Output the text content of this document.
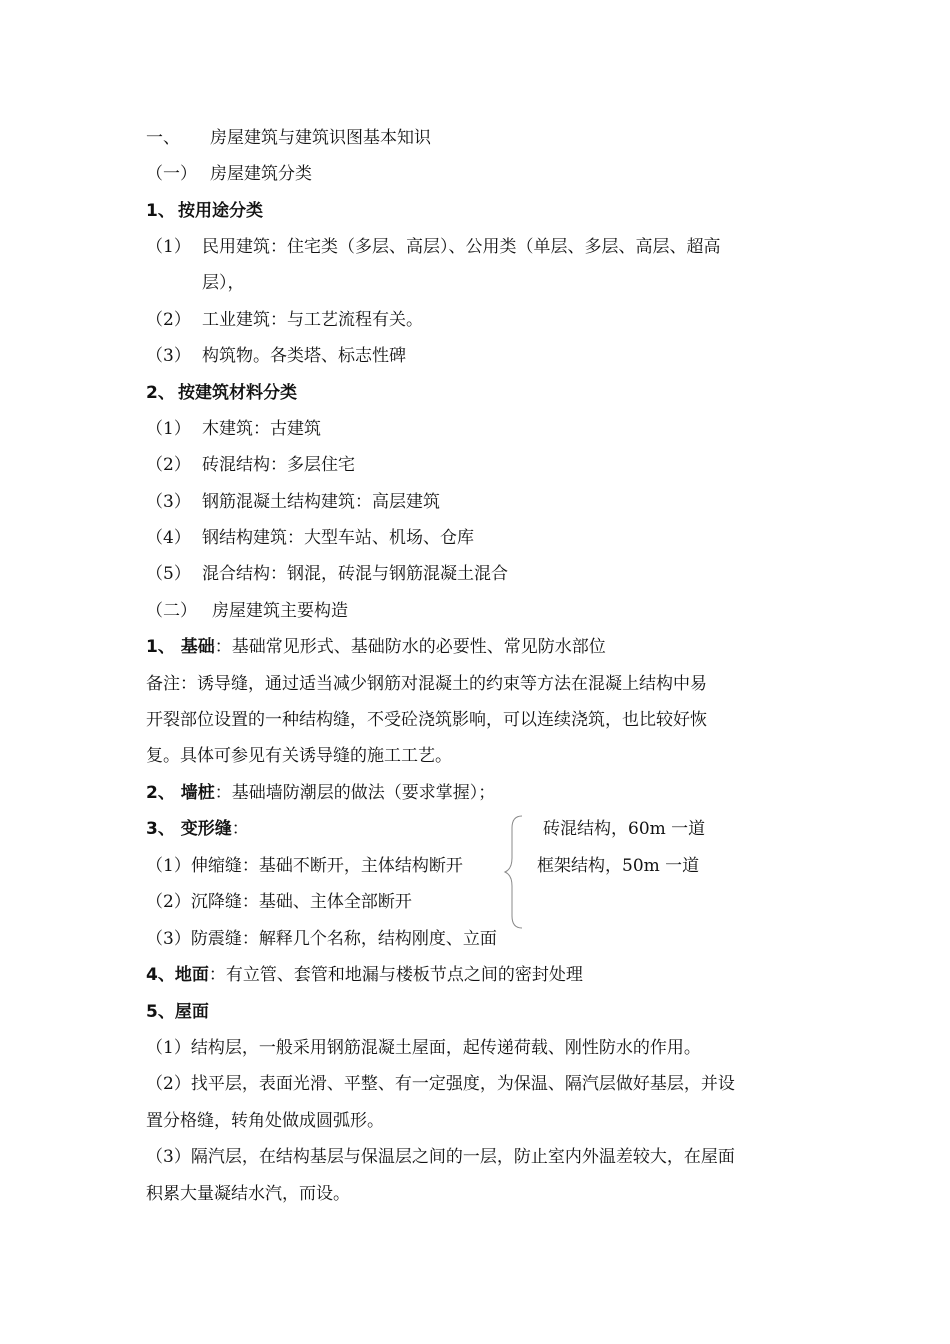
一、 房屋建筑与建筑识图基本知识
（一） 房屋建筑分类
1、 按用途分类
（1） 民用建筑：住宅类（多层、高层）、公用类（单层、多层、高层、超高
层），
（2） 工业建筑：与工艺流程有关。
（3） 构筑物。各类塔、标志性碑
2、 按建筑材料分类
（1） 木建筑：古建筑
（2） 砖混结构：多层住宅
（3） 钢筋混凝土结构建筑：高层建筑
（4） 钢结构建筑：大型车站、机场、仓库
（5） 混合结构：钢混，砖混与钢筋混凝土混合
（二） 房屋建筑主要构造
1、 基础：基础常见形式、基础防水的必要性、常见防水部位
备注：诱导缝，通过适当减少钢筋对混凝土的约束等方法在混凝上结构中易
开裂部位设置的一种结构缝，不受砼浇筑影响，可以连续浇筑，也比较好恢
复。具体可参见有关诱导缝的施工工艺。
2、 墙桩：基础墙防潮层的做法（要求掌握）；
3、 变形缝：
（1）伸缩缝：基础不断开，主体结构断开
（2）沉降缝：基础、主体全部断开
（3）防震缝：解释几个名称，结构刚度、立面
砖混结构，60m 一道
框架结构，50m 一道
4、地面：有立管、套管和地漏与楼板节点之间的密封处理
5、屋面
（1）结构层，一般采用钢筋混凝土屋面，起传递荷载、刚性防水的作用。
（2）找平层，表面光滑、平整、有一定强度，为保温、隔汽层做好基层，并设
置分格缝，转角处做成圆弧形。
（3）隔汽层，在结构基层与保温层之间的一层，防止室内外温差较大，在屋面
积累大量凝结水汽，而设。
